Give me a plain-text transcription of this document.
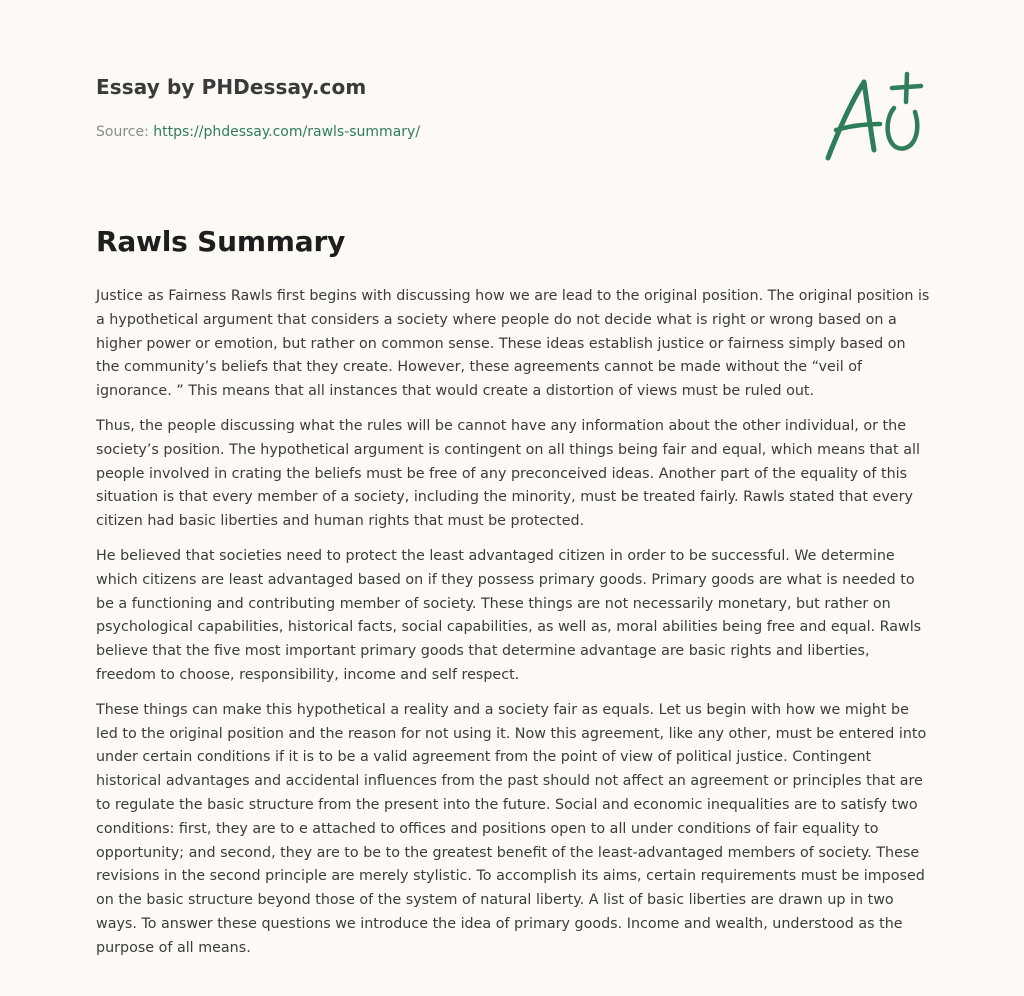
Essay by PHDessay.com
Source: https://phdessay.com/rawls-summary/
Rawls Summary

Justice as Fairness Rawls first begins with discussing how we are lead to the original position. The original position is a hypothetical argument that considers a society where people do not decide what is right or wrong based on a higher power or emotion, but rather on common sense. These ideas establish justice or fairness simply based on the community’s beliefs that they create. However, these agreements cannot be made without the “veil of ignorance. ” This means that all instances that would create a distortion of views must be ruled out.

Thus, the people discussing what the rules will be cannot have any information about the other individual, or the society’s position. The hypothetical argument is contingent on all things being fair and equal, which means that all people involved in crating the beliefs must be free of any preconceived ideas. Another part of the equality of this situation is that every member of a society, including the minority, must be treated fairly. Rawls stated that every citizen had basic liberties and human rights that must be protected.

He believed that societies need to protect the least advantaged citizen in order to be successful. We determine which citizens are least advantaged based on if they possess primary goods. Primary goods are what is needed to be a functioning and contributing member of society. These things are not necessarily monetary, but rather on psychological capabilities, historical facts, social capabilities, as well as, moral abilities being free and equal. Rawls believe that the five most important primary goods that determine advantage are basic rights and liberties, freedom to choose, responsibility, income and self respect.

These things can make this hypothetical a reality and a society fair as equals. Let us begin with how we might be led to the original position and the reason for not using it. Now this agreement, like any other, must be entered into under certain conditions if it is to be a valid agreement from the point of view of political justice. Contingent historical advantages and accidental influences from the past should not affect an agreement or principles that are to regulate the basic structure from the present into the future. Social and economic inequalities are to satisfy two conditions: first, they are to e attached to offices and positions open to all under conditions of fair equality to opportunity; and second, they are to be to the greatest benefit of the least-advantaged members of society. These revisions in the second principle are merely stylistic. To accomplish its aims, certain requirements must be imposed on the basic structure beyond those of the system of natural liberty. A list of basic liberties are drawn up in two ways. To answer these questions we introduce the idea of primary goods. Income and wealth, understood as the purpose of all means.
